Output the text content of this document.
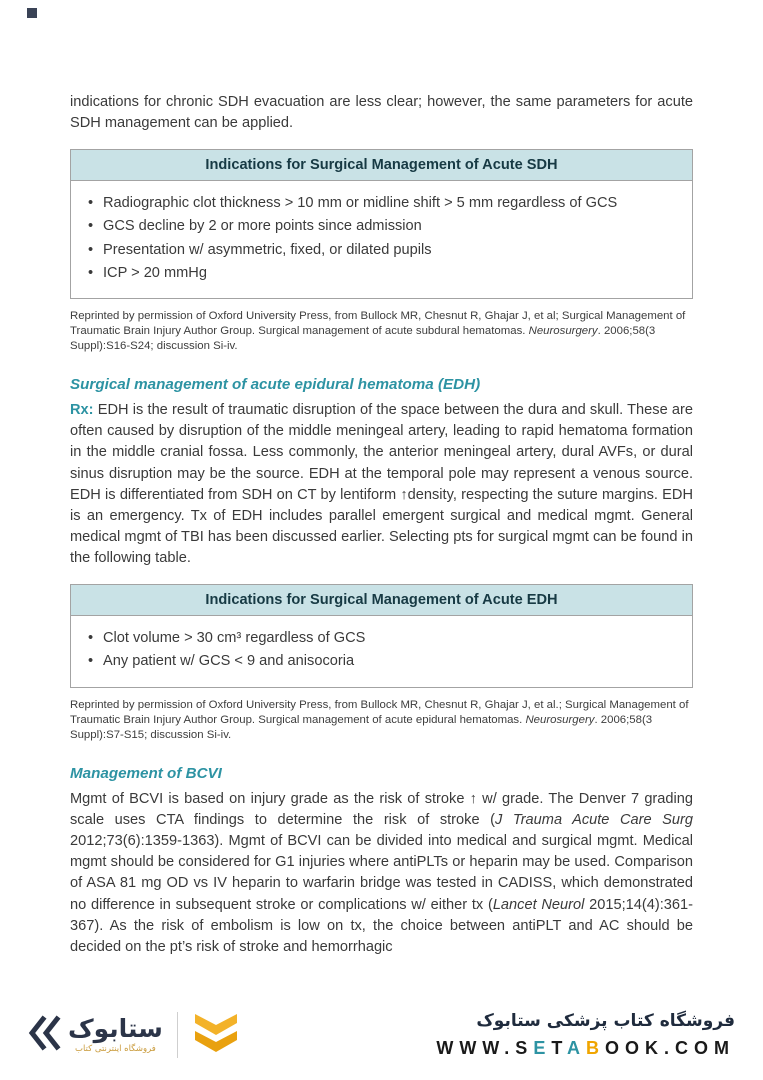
indications for chronic SDH evacuation are less clear; however, the same parameters for acute SDH management can be applied.

Indications for Surgical Management of Acute SDH
• Radiographic clot thickness > 10 mm or midline shift > 5 mm regardless of GCS
• GCS decline by 2 or more points since admission
• Presentation w/ asymmetric, fixed, or dilated pupils
• ICP > 20 mmHg

Reprinted by permission of Oxford University Press, from Bullock MR, Chesnut R, Ghajar J, et al; Surgical Management of Traumatic Brain Injury Author Group. Surgical management of acute subdural hematomas. Neurosurgery. 2006;58(3 Suppl):S16-S24; discussion Si-iv.

Surgical management of acute epidural hematoma (EDH)

Rx: EDH is the result of traumatic disruption of the space between the dura and skull. These are often caused by disruption of the middle meningeal artery, leading to rapid hematoma formation in the middle cranial fossa. Less commonly, the anterior meningeal artery, dural AVFs, or dural sinus disruption may be the source. EDH at the temporal pole may represent a venous source. EDH is differentiated from SDH on CT by lentiform ↑density, respecting the suture margins. EDH is an emergency. Tx of EDH includes parallel emergent surgical and medical mgmt. General medical mgmt of TBI has been discussed earlier. Selecting pts for surgical mgmt can be found in the following table.

Indications for Surgical Management of Acute EDH
• Clot volume > 30 cm³ regardless of GCS
• Any patient w/ GCS < 9 and anisocoria

Reprinted by permission of Oxford University Press, from Bullock MR, Chesnut R, Ghajar J, et al.; Surgical Management of Traumatic Brain Injury Author Group. Surgical management of acute epidural hematomas. Neurosurgery. 2006;58(3 Suppl):S7-S15; discussion Si-iv.

Management of BCVI

Mgmt of BCVI is based on injury grade as the risk of stroke ↑ w/ grade. The Denver 7 grading scale uses CTA findings to determine the risk of stroke (J Trauma Acute Care Surg 2012;73(6):1359-1363). Mgmt of BCVI can be divided into medical and surgical mgmt. Medical mgmt should be considered for G1 injuries where antiPLTs or heparin may be used. Comparison of ASA 81 mg OD vs IV heparin to warfarin bridge was tested in CADISS, which demonstrated no difference in subsequent stroke or complications w/ either tx (Lancet Neurol 2015;14(4):361-367). As the risk of embolism is low on tx, the choice between antiPLT and AC should be decided on the pt’s risk of stroke and hemorrhagic

ستابوک
فروشگاه اینترنتی کتاب
فروشگاه کتاب پزشکی ستابوک
WWW.SETABOOK.COM
